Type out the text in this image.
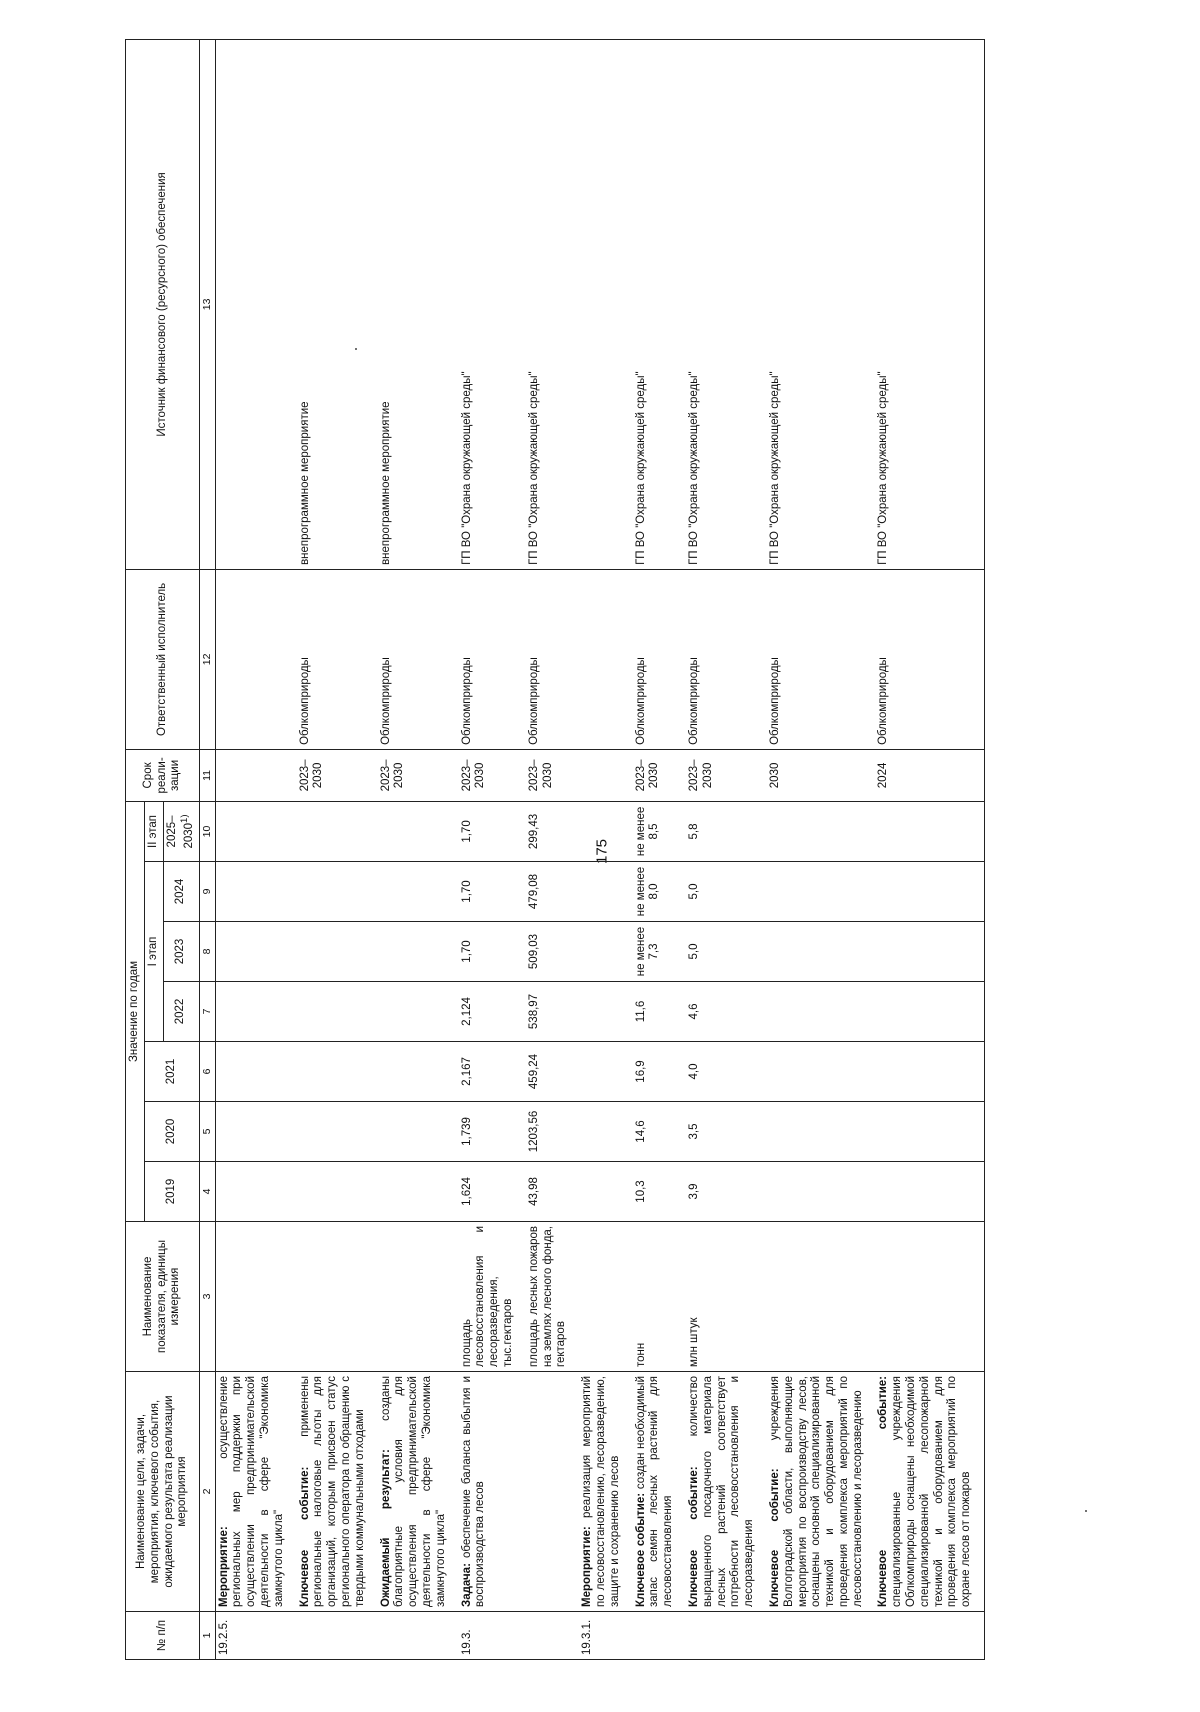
175
№ п/п	Наименование цели, задачи, мероприятия, ключевого события, ожидаемого результата реализации мероприятия	Наименование показателя, единицы измерения	Значение по годам							Срок реали-зации	Ответственный исполнитель	Источник финансового (ресурсного) обеспечения
			2019	2020	2021	I этап			II этап			
						2022	2023	2024	2025–2030$^{1)}$
1	2	3	4	5	6	7	8	9	10	11	12	13
19.2.5.	Мероприятие: осуществление региональных мер поддержки при осуществлении предпринимательской деятельности в сфере "Экономика замкнутого цикла"											
	Ключевое событие: применены региональные налоговые льготы для организаций, которым присвоен статус регионального оператора по обращению с твердыми коммунальными отходами									2023–2030	Облкомприроды	внепрограммное мероприятие
	Ожидаемый результат: созданы благоприятные условия для осуществления предпринимательской деятельности в сфере "Экономика замкнутого цикла"									2023–2030	Облкомприроды	внепрограммное мероприятие
19.3.	Задача: обеспечение баланса выбытия и воспроизводства лесов	площадь лесовосстановления и лесоразведения, тыс.гектаров	1,624	1,739	2,167	2,124	1,70	1,70	1,70	2023–2030	Облкомприроды	ГП ВО "Охрана окружающей среды"
		площадь лесных пожаров на землях лесного фонда, гектаров	43,98	1203,56	459,24	538,97	509,03	479,08	299,43	2023–2030	Облкомприроды	ГП ВО "Охрана окружающей среды"
19.3.1.	Мероприятие: реализация мероприятий по лесовосстановлению, лесоразведению, защите и сохранению лесов											
	Ключевое событие: создан необходимый запас семян лесных растений для лесовосстановления	тонн	10,3	14,6	16,9	11,6	не менее 7,3	не менее 8,0	не менее 8,5	2023–2030	Облкомприроды	ГП ВО "Охрана окружающей среды"
	Ключевое событие: количество выращенного посадочного материала лесных растений соответствует потребности лесовосстановления и лесоразведения	млн штук	3,9	3,5	4,0	4,6	5,0	5,0	5,8	2023–2030	Облкомприроды	ГП ВО "Охрана окружающей среды"
	Ключевое событие: учреждения Волгоградской области, выполняющие мероприятия по воспроизводству лесов, оснащены основной специализированной техникой и оборудованием для проведения комплекса мероприятий по лесовосстановлению и лесоразведению									2030	Облкомприроды	ГП ВО "Охрана окружающей среды"
	Ключевое событие: специализированные учреждения Облкомприроды оснащены необходимой специализированной лесопожарной техникой и оборудованием для проведения комплекса мероприятий по охране лесов от пожаров									2024	Облкомприроды	ГП ВО "Охрана окружающей среды"
